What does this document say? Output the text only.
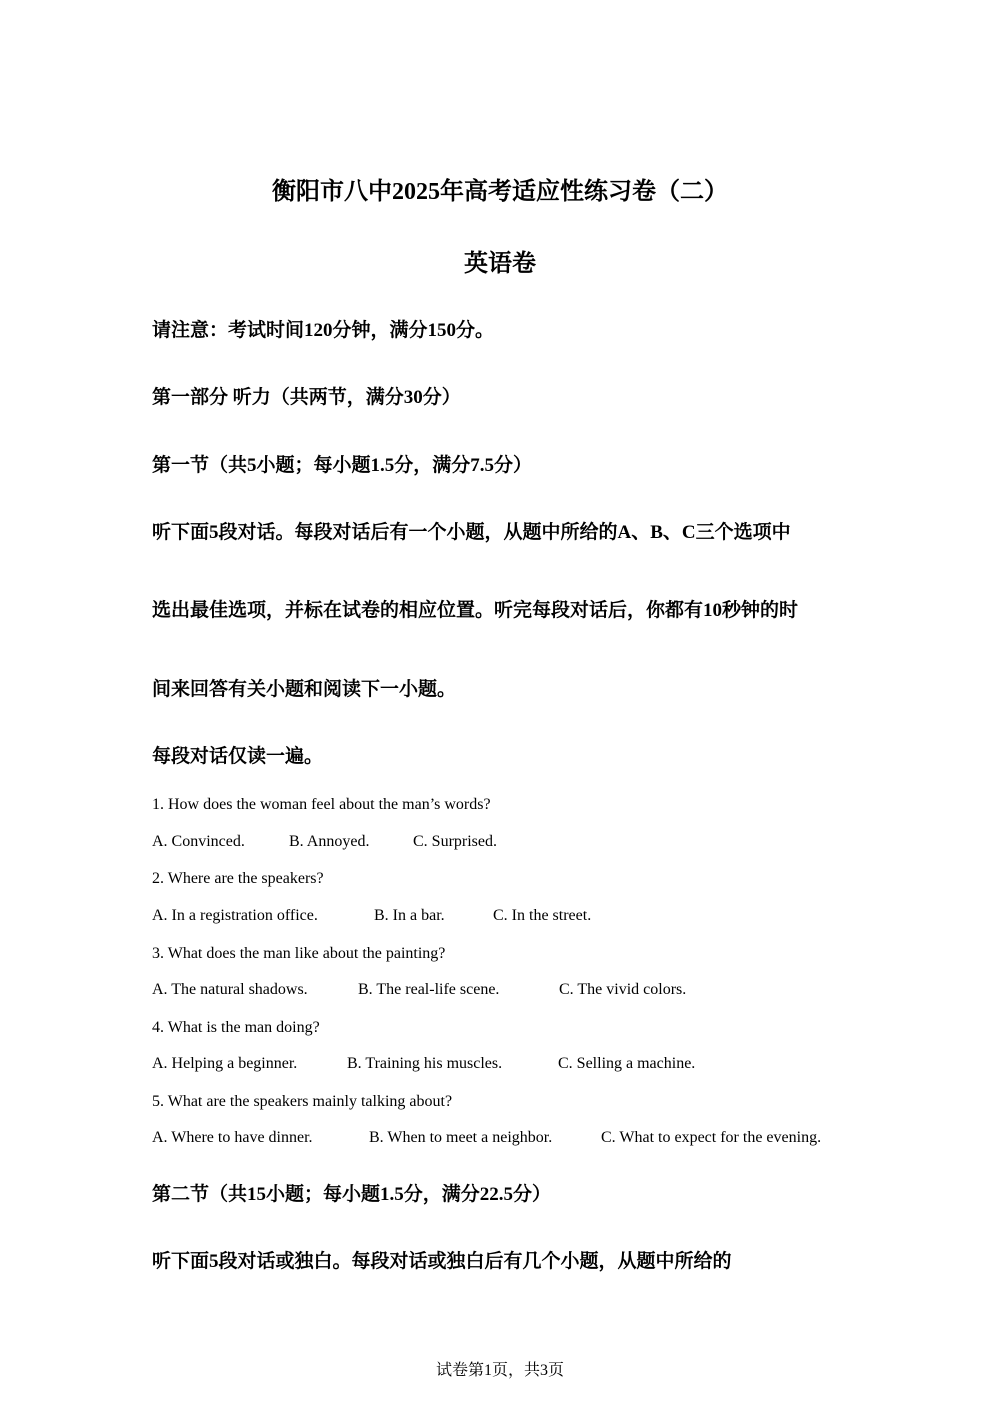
衡阳市八中2025年高考适应性练习卷（二）
英语卷
请注意：考试时间120分钟，满分150分。
第一部分 听力（共两节，满分30分）
第一节（共5小题；每小题1.5分，满分7.5分）
听下面5段对话。每段对话后有一个小题，从题中所给的A、B、C三个选项中
选出最佳选项，并标在试卷的相应位置。听完每段对话后，你都有10秒钟的时
间来回答有关小题和阅读下一小题。
每段对话仅读一遍。
1. How does the woman feel about the man’s words?
A. Convinced.	B. Annoyed.	C. Surprised.
2. Where are the speakers?
A. In a registration office.	B. In a bar.	C. In the street.
3. What does the man like about the painting?
A. The natural shadows.	B. The real-life scene.	C. The vivid colors.
4. What is the man doing?
A. Helping a beginner.	B. Training his muscles.	C. Selling a machine.
5. What are the speakers mainly talking about?
A. Where to have dinner.	B. When to meet a neighbor.	C. What to expect for the evening.
第二节（共15小题；每小题1.5分，满分22.5分）
听下面5段对话或独白。每段对话或独白后有几个小题，从题中所给的
试卷第1页，共3页
